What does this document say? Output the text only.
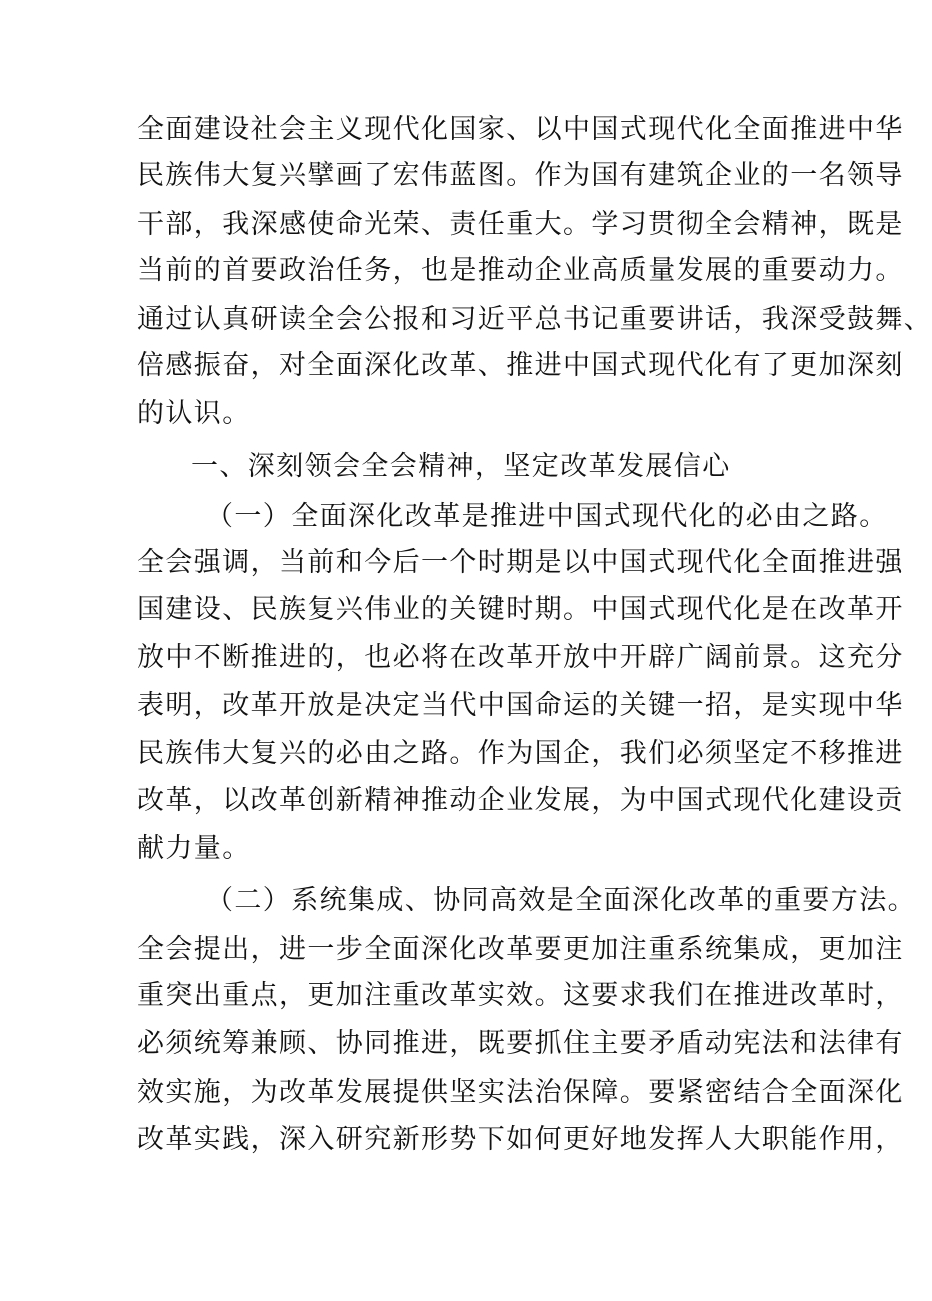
全面建设社会主义现代化国家、以中国式现代化全面推进中华
民族伟大复兴擘画了宏伟蓝图。作为国有建筑企业的一名领导
干部，我深感使命光荣、责任重大。学习贯彻全会精神，既是
当前的首要政治任务，也是推动企业高质量发展的重要动力。
通过认真研读全会公报和习近平总书记重要讲话，我深受鼓舞、
倍感振奋，对全面深化改革、推进中国式现代化有了更加深刻
的认识。
一、深刻领会全会精神，坚定改革发展信心
（一）全面深化改革是推进中国式现代化的必由之路。
全会强调，当前和今后一个时期是以中国式现代化全面推进强
国建设、民族复兴伟业的关键时期。中国式现代化是在改革开
放中不断推进的，也必将在改革开放中开辟广阔前景。这充分
表明，改革开放是决定当代中国命运的关键一招，是实现中华
民族伟大复兴的必由之路。作为国企，我们必须坚定不移推进
改革，以改革创新精神推动企业发展，为中国式现代化建设贡
献力量。
（二）系统集成、协同高效是全面深化改革的重要方法。
全会提出，进一步全面深化改革要更加注重系统集成，更加注
重突出重点，更加注重改革实效。这要求我们在推进改革时，
必须统筹兼顾、协同推进，既要抓住主要矛盾动宪法和法律有
效实施，为改革发展提供坚实法治保障。要紧密结合全面深化
改革实践，深入研究新形势下如何更好地发挥人大职能作用，
